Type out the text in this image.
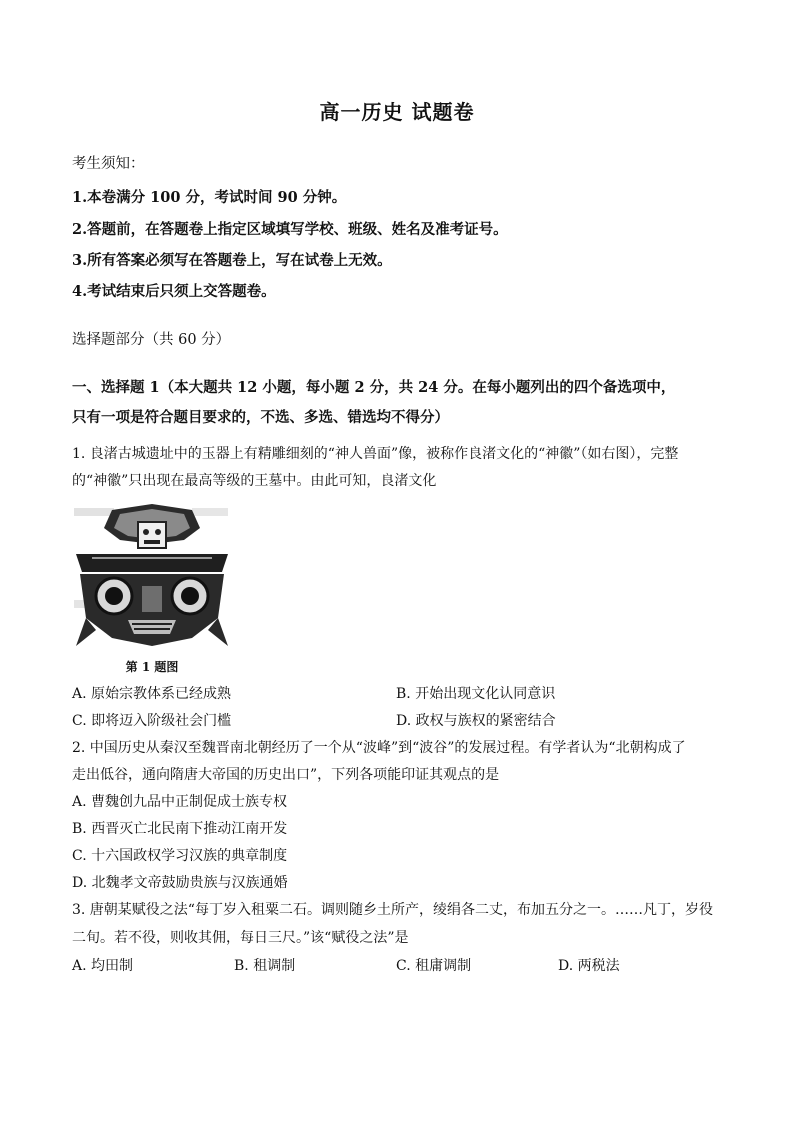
高一历史 试题卷
考生须知：
1.本卷满分 100 分，考试时间 90 分钟。
2.答题前，在答题卷上指定区域填写学校、班级、姓名及准考证号。
3.所有答案必须写在答题卷上，写在试卷上无效。
4.考试结束后只须上交答题卷。
选择题部分（共 60 分）
一、选择题 1（本大题共 12 小题，每小题 2 分，共 24 分。在每小题列出的四个备选项中，
只有一项是符合题目要求的，不选、多选、错选均不得分）
1. 良渚古城遗址中的玉器上有精雕细刻的“神人兽面”像，被称作良渚文化的“神徽”（如右图），完整
的“神徽”只出现在最高等级的王墓中。由此可知，良渚文化
第 1 题图
A. 原始宗教体系已经成熟	B. 开始出现文化认同意识
C. 即将迈入阶级社会门槛	D. 政权与族权的紧密结合
2. 中国历史从秦汉至魏晋南北朝经历了一个从“波峰”到“波谷”的发展过程。有学者认为“北朝构成了
走出低谷，通向隋唐大帝国的历史出口”，下列各项能印证其观点的是
A. 曹魏创九品中正制促成士族专权
B. 西晋灭亡北民南下推动江南开发
C. 十六国政权学习汉族的典章制度
D. 北魏孝文帝鼓励贵族与汉族通婚
3. 唐朝某赋役之法“每丁岁入租粟二石。调则随乡土所产，绫绢各二丈，布加五分之一。……凡丁，岁役
二旬。若不役，则收其佣，每日三尺。”该“赋役之法”是
A. 均田制	B. 租调制	C. 租庸调制	D. 两税法
